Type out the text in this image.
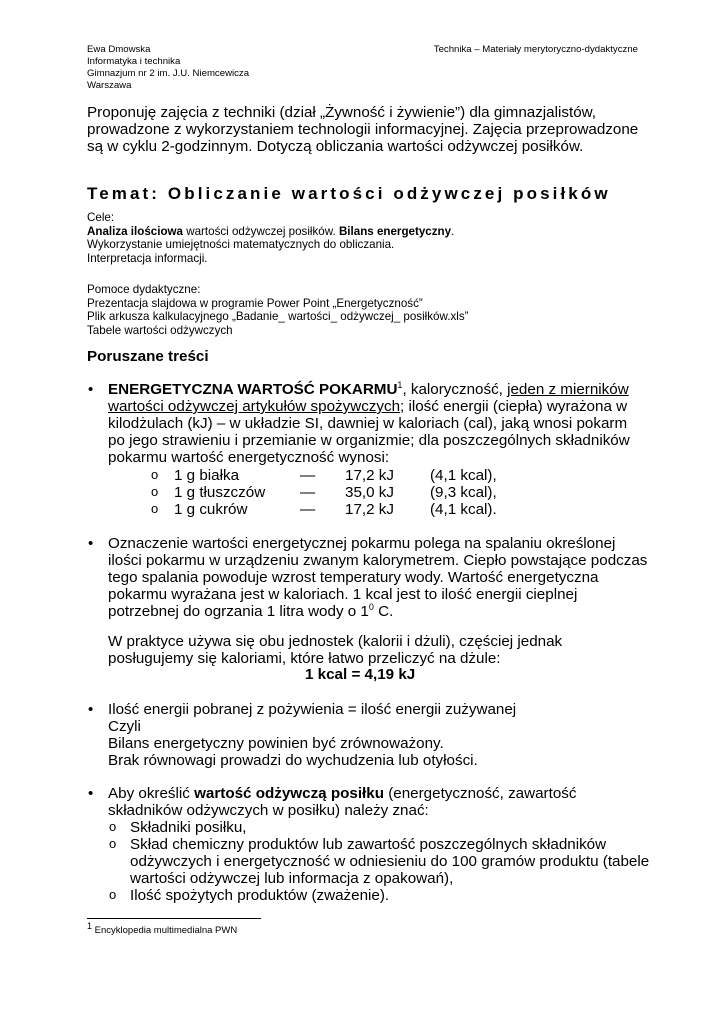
Ewa Dmowska
Informatyka i technika
Gimnazjum nr 2 im. J.U. Niemcewicza
Warszawa
Technika – Materiały merytoryczno-dydaktyczne
Proponuję zajęcia z techniki (dział „Żywność i żywienie”) dla gimnazjalistów, prowadzone z wykorzystaniem technologii informacyjnej. Zajęcia przeprowadzone są w cyklu 2-godzinnym. Dotyczą obliczania wartości odżywczej posiłków.
Temat: Obliczanie wartości odżywczej posiłków
Cele:
Analiza ilościowa wartości odżywczej posiłków. Bilans energetyczny.
Wykorzystanie umiejętności matematycznych do obliczania.
Interpretacja informacji.
Pomoce dydaktyczne:
Prezentacja slajdowa w programie Power Point „Energetyczność”
Plik arkusza kalkulacyjnego „Badanie_ wartości_ odżywczej_ posiłków.xls”
Tabele wartości odżywczych
Poruszane treści
• ENERGETYCZNA WARTOŚĆ POKARMU$^1$, kaloryczność, jeden z mierników wartości odżywczej artykułów spożywczych; ilość energii (ciepła) wyrażona w kilodżulach (kJ) – w układzie SI, dawniej w kaloriach (cal), jaką wnosi pokarm po jego strawieniu i przemianie w organizmie; dla poszczególnych składników pokarmu wartość energetyczność wynosi:
o 1 g białka	— 17,2 kJ (4,1 kcal),
o 1 g tłuszczów — 35,0 kJ (9,3 kcal),
o 1 g cukrów	— 17,2 kJ (4,1 kcal).
• Oznaczenie wartości energetycznej pokarmu polega na spalaniu określonej ilości pokarmu w urządzeniu zwanym kalorymetrem. Ciepło powstające podczas tego spalania powoduje wzrost temperatury wody. Wartość energetyczna pokarmu wyrażana jest w kaloriach. 1 kcal jest to ilość energii cieplnej potrzebnej do ogrzania 1 litra wody o $1^0$ C.
W praktyce używa się obu jednostek (kalorii i dżuli), częściej jednak posługujemy się kaloriami, które łatwo przeliczyć na dżule:
1 kcal = 4,19 kJ
• Ilość energii pobranej z pożywienia = ilość energii zużywanej
Czyli
Bilans energetyczny powinien być zrównoważony.
Brak równowagi prowadzi do wychudzenia lub otyłości.
• Aby określić wartość odżywczą posiłku (energetyczność, zawartość składników odżywczych w posiłku) należy znać:
o Składniki posiłku,
o Skład chemiczny produktów lub zawartość poszczególnych składników odżywczych i energetyczność w odniesieniu do 100 gramów produktu (tabele wartości odżywczej lub informacja z opakowań),
o Ilość spożytych produktów (zważenie).
$^1$ Encyklopedia multimedialna PWN
